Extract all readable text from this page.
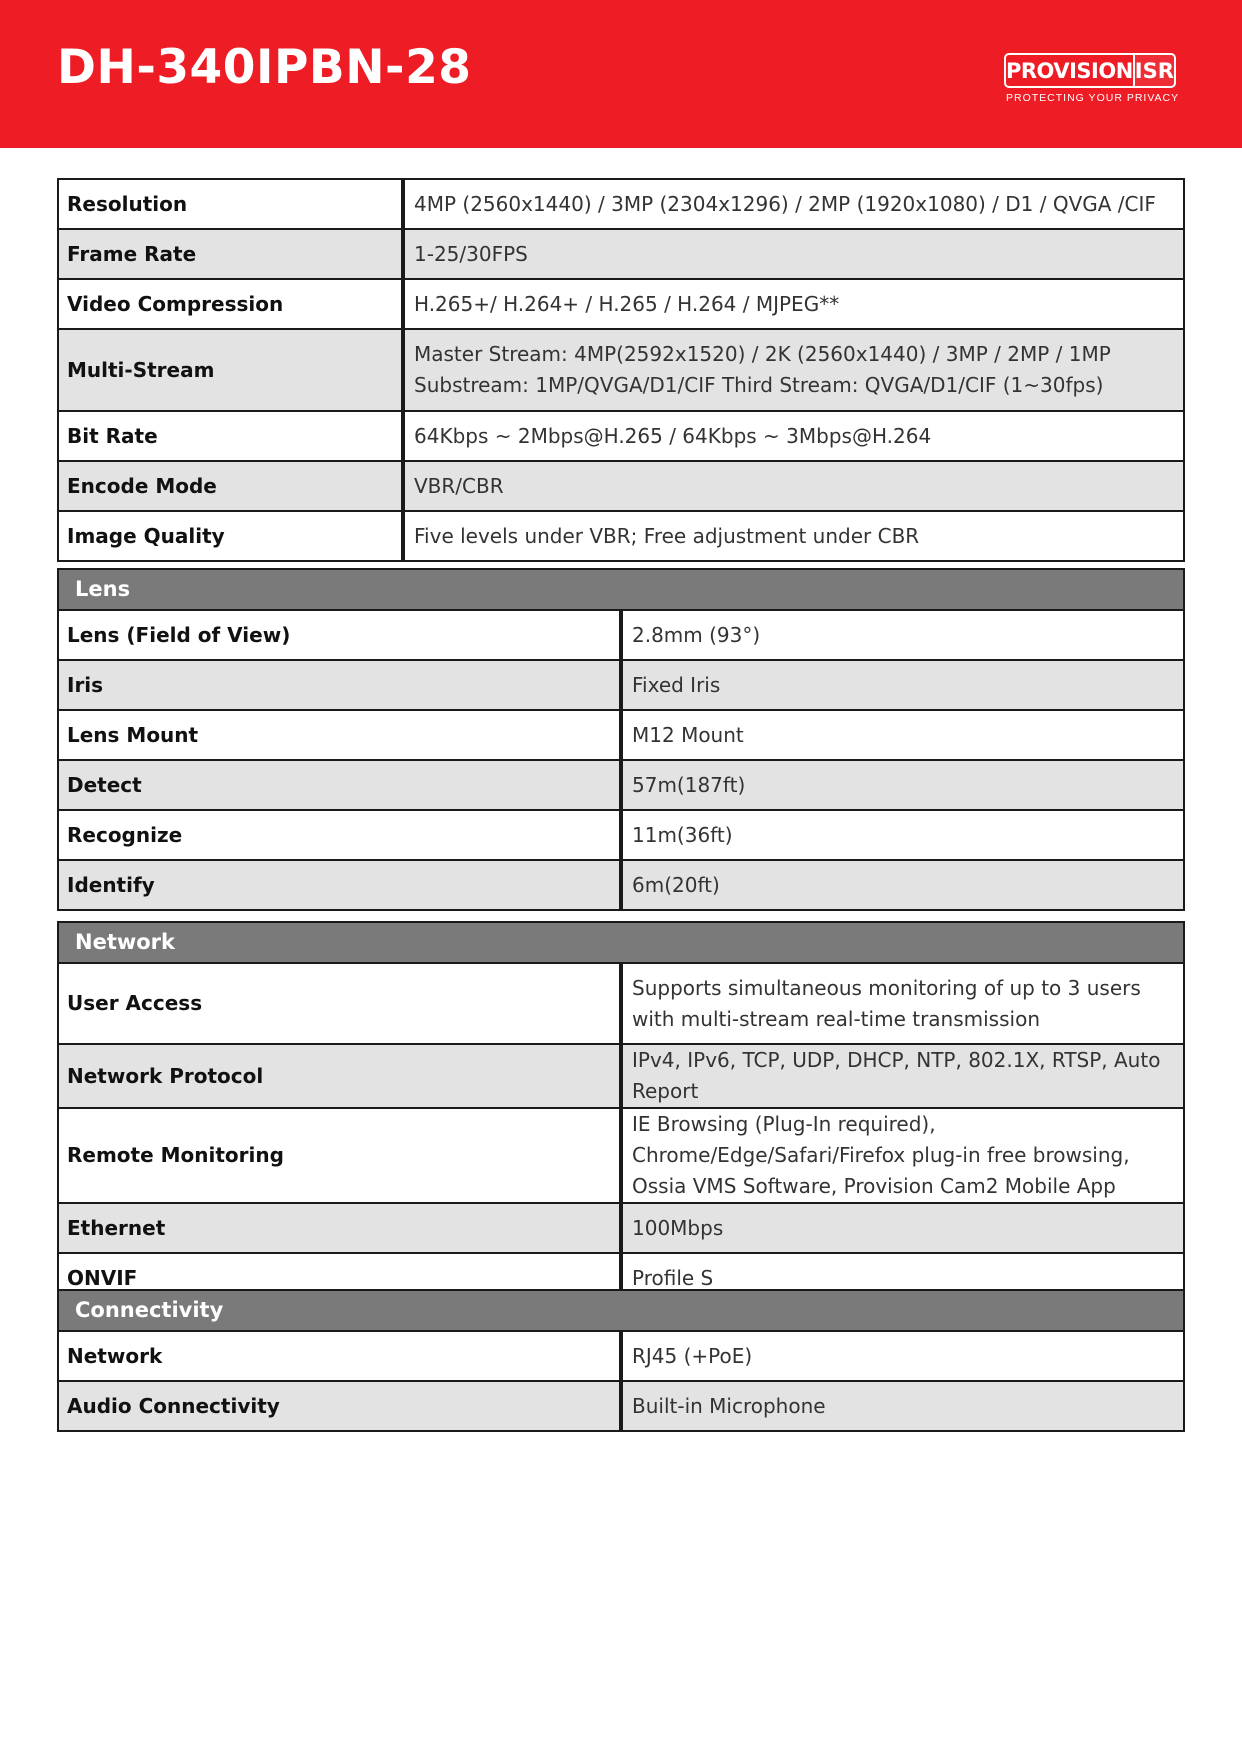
DH-340IPBN-28	PROVISION ISR
PROTECTING YOUR PRIVACY
Resolution	4MP (2560x1440) / 3MP (2304x1296) / 2MP (1920x1080) / D1 / QVGA /CIF
Frame Rate	1-25/30FPS
Video Compression	H.265+/ H.264+ / H.265 / H.264 / MJPEG**
Multi-Stream	Master Stream: 4MP(2592x1520) / 2K (2560x1440) / 3MP / 2MP / 1MP Substream: 1MP/QVGA/D1/CIF Third Stream: QVGA/D1/CIF (1~30fps)
Bit Rate	64Kbps ~ 2Mbps@H.265 / 64Kbps ~ 3Mbps@H.264
Encode Mode	VBR/CBR
Image Quality	Five levels under VBR; Free adjustment under CBR
Lens	
Lens (Field of View)	2.8mm (93°)
Iris	Fixed Iris
Lens Mount	M12 Mount
Detect	57m(187ft)
Recognize	11m(36ft)
Identify	6m(20ft)
Network	
User Access	Supports simultaneous monitoring of up to 3 users with multi-stream real-time transmission
Network Protocol	IPv4, IPv6, TCP, UDP, DHCP, NTP, 802.1X, RTSP, Auto Report
Remote Monitoring	IE Browsing (Plug-In required), Chrome/Edge/Safari/Firefox plug-in free browsing, Ossia VMS Software, Provision Cam2 Mobile App
Ethernet	100Mbps
ONVIF	Profile S
Connectivity	
Network	RJ45 (+PoE)
Audio Connectivity	Built-in Microphone
